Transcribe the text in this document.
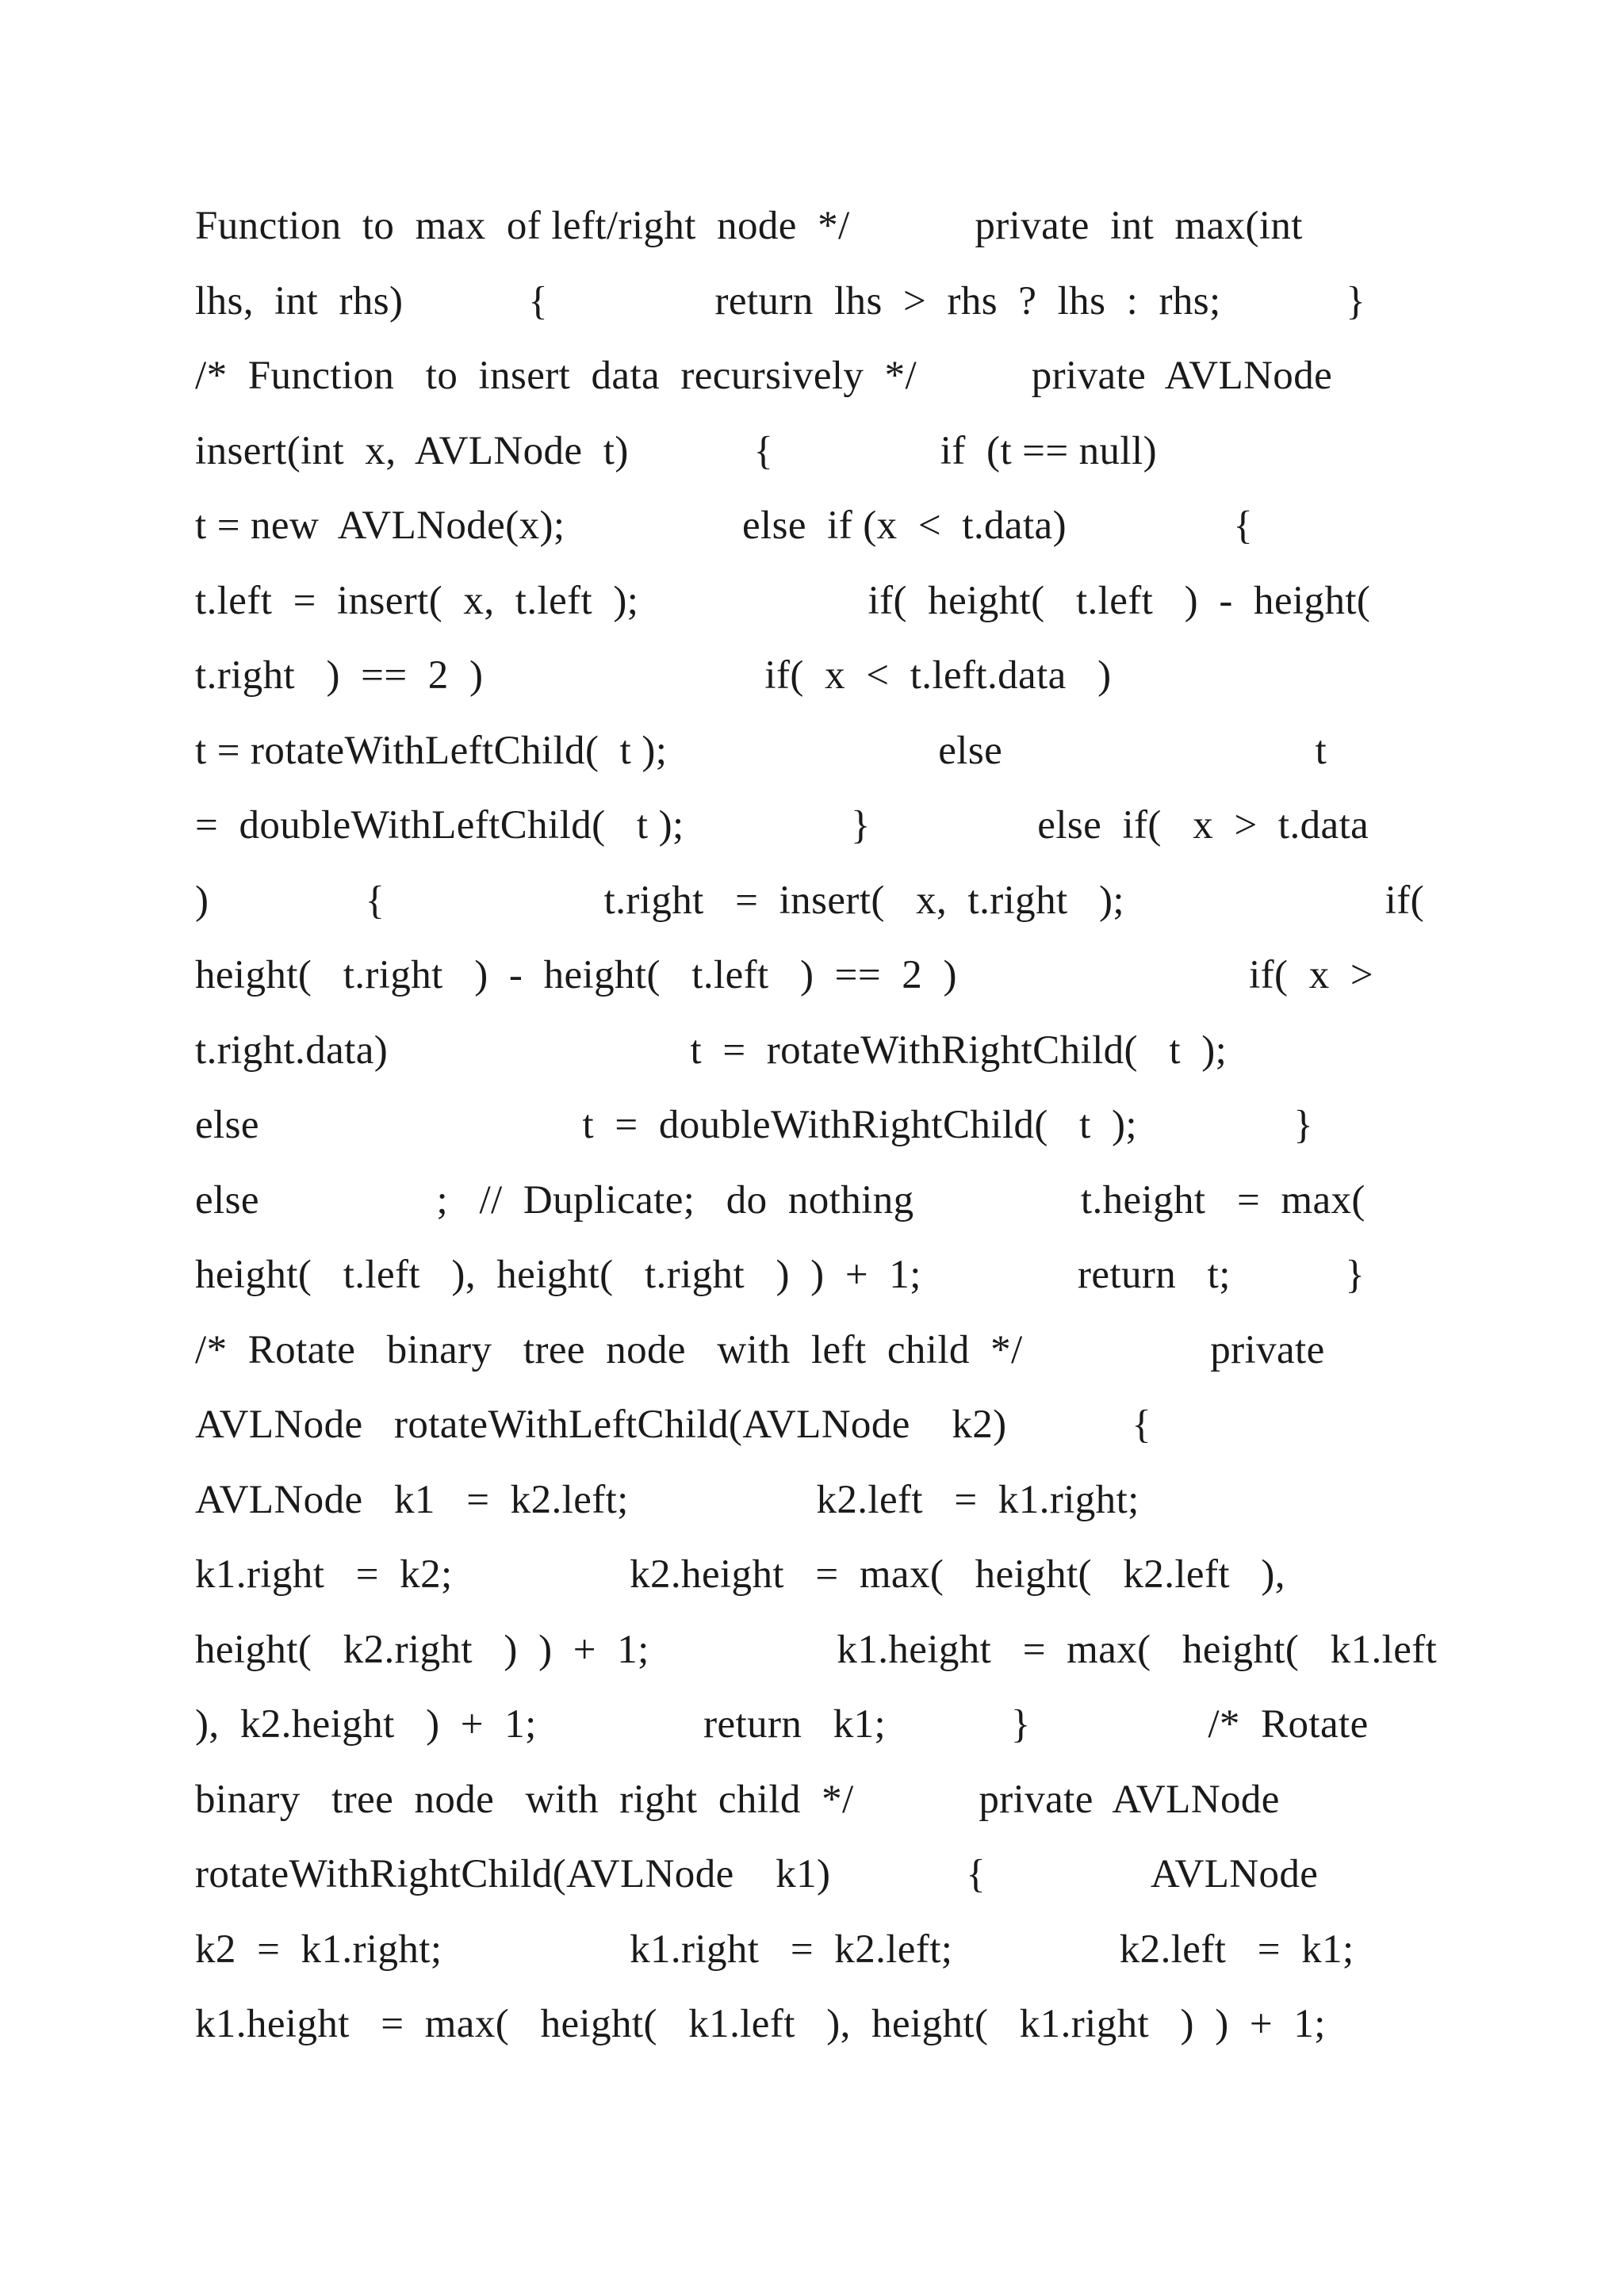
Function  to  max  of left/right  node  */            private  int  max(int
lhs,  int  rhs)            {                return  lhs  >  rhs  ?  lhs  :  rhs;            }
/*  Function   to  insert  data  recursively  */           private  AVLNode
insert(int  x,  AVLNode  t)            {                if  (t == null)
t = new  AVLNode(x);                 else  if (x  <  t.data)                {
t.left  =  insert(  x,  t.left  );                      if(  height(   t.left   )  -  height(
t.right   )  ==  2  )                           if(  x  <  t.left.data   )
t = rotateWithLeftChild(  t );                          else                              t
=  doubleWithLeftChild(   t );                }                else  if(   x  >  t.data
)               {                     t.right   =  insert(   x,  t.right   );                         if(
height(   t.right   )  -  height(   t.left   )  ==  2  )                            if(  x  >
t.right.data)                             t  =  rotateWithRightChild(   t  );
else                               t  =  doubleWithRightChild(   t  );               }
else                 ;   //  Duplicate;   do  nothing                t.height   =  max(
height(   t.left   ),  height(   t.right   )  )  +  1;               return   t;           }
/*  Rotate   binary   tree  node   with  left  child  */                  private
AVLNode   rotateWithLeftChild(AVLNode    k2)            {
AVLNode   k1   =  k2.left;                  k2.left   =  k1.right;
k1.right   =  k2;                 k2.height   =  max(   height(   k2.left   ),
height(   k2.right   )  )  +  1;                  k1.height   =  max(   height(   k1.left
),  k2.height   )  +  1;                return   k1;            }                 /*  Rotate
binary   tree  node   with  right  child  */            private  AVLNode
rotateWithRightChild(AVLNode    k1)             {                AVLNode
k2  =  k1.right;                  k1.right   =  k2.left;                k2.left   =  k1;
k1.height   =  max(   height(   k1.left   ),  height(   k1.right   )  )  +  1;
